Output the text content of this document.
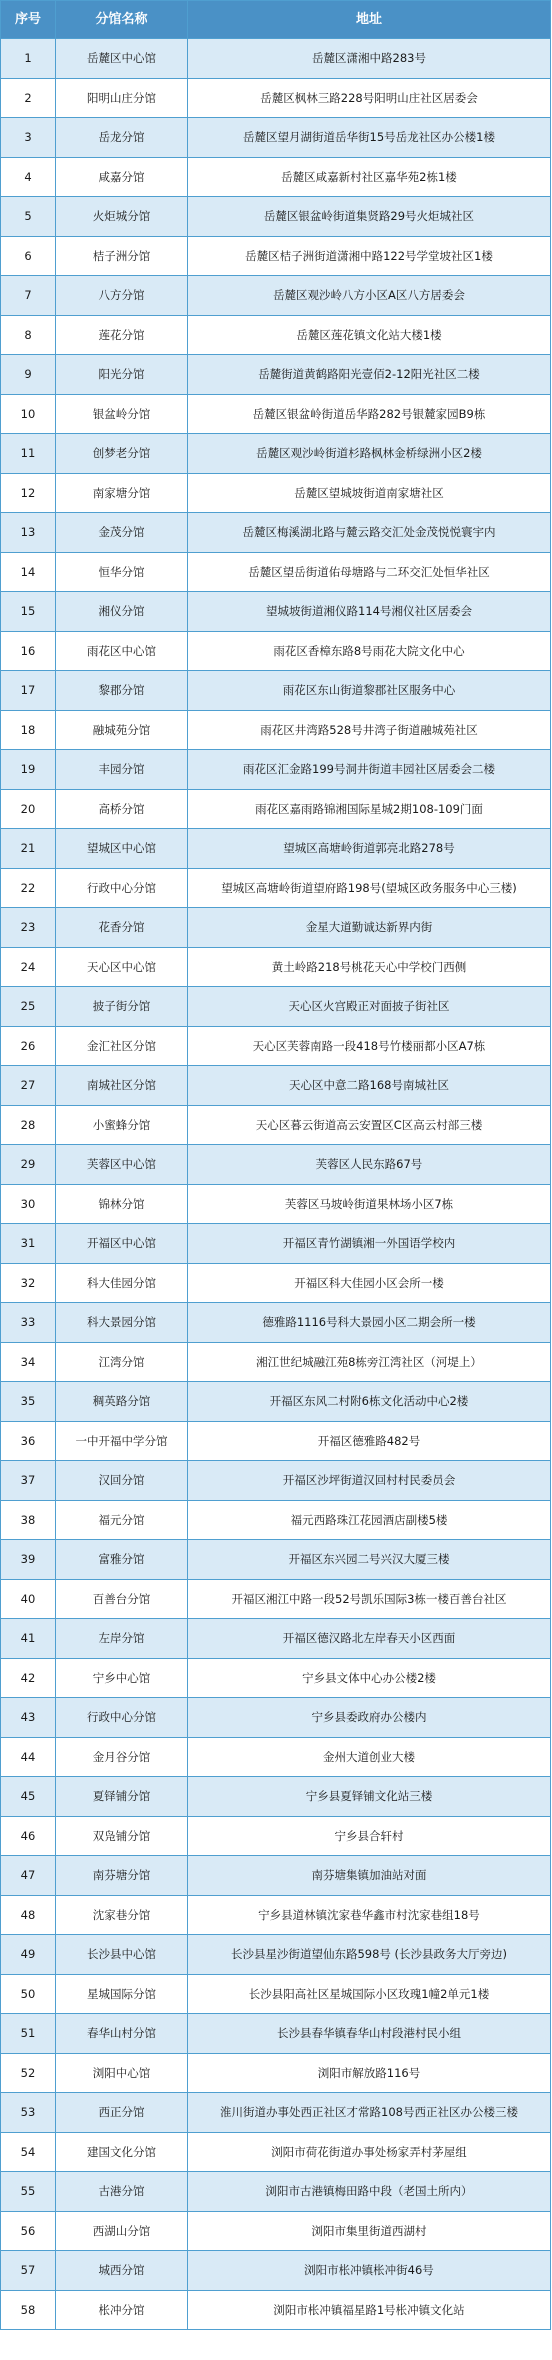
序号	分馆名称	地址
1	岳麓区中心馆	岳麓区潇湘中路283号
2	阳明山庄分馆	岳麓区枫林三路228号阳明山庄社区居委会
3	岳龙分馆	岳麓区望月湖街道岳华街15号岳龙社区办公楼1楼
4	咸嘉分馆	岳麓区咸嘉新村社区嘉华苑2栋1楼
5	火炬城分馆	岳麓区银盆岭街道集贤路29号火炬城社区
6	桔子洲分馆	岳麓区桔子洲街道潇湘中路122号学堂坡社区1楼
7	八方分馆	岳麓区观沙岭八方小区A区八方居委会
8	莲花分馆	岳麓区莲花镇文化站大楼1楼
9	阳光分馆	岳麓街道黄鹤路阳光壹佰2-12阳光社区二楼
10	银盆岭分馆	岳麓区银盆岭街道岳华路282号银麓家园B9栋
11	创梦老分馆	岳麓区观沙岭街道杉路枫林金桥绿洲小区2楼
12	南家塘分馆	岳麓区望城坡街道南家塘社区
13	金茂分馆	岳麓区梅溪湖北路与麓云路交汇处金茂悦悦寰宇内
14	恒华分馆	岳麓区望岳街道佑母塘路与二环交汇处恒华社区
15	湘仪分馆	望城坡街道湘仪路114号湘仪社区居委会
16	雨花区中心馆	雨花区香樟东路8号雨花大院文化中心
17	黎郡分馆	雨花区东山街道黎郡社区服务中心
18	融城苑分馆	雨花区井湾路528号井湾子街道融城苑社区
19	丰园分馆	雨花区汇金路199号洞井街道丰园社区居委会二楼
20	高桥分馆	雨花区嘉雨路锦湘国际星城2期108-109门面
21	望城区中心馆	望城区高塘岭街道郭亮北路278号
22	行政中心分馆	望城区高塘岭街道望府路198号(望城区政务服务中心三楼)
23	花香分馆	金星大道勤诚达新界内街
24	天心区中心馆	黄土岭路218号桃花天心中学校门西侧
25	披子街分馆	天心区火宫殿正对面披子街社区
26	金汇社区分馆	天心区芙蓉南路一段418号竹楼丽都小区A7栋
27	南城社区分馆	天心区中意二路168号南城社区
28	小蜜蜂分馆	天心区暮云街道高云安置区C区高云村部三楼
29	芙蓉区中心馆	芙蓉区人民东路67号
30	锦林分馆	芙蓉区马坡岭街道果林场小区7栋
31	开福区中心馆	开福区青竹湖镇湘一外国语学校内
32	科大佳园分馆	开福区科大佳园小区会所一楼
33	科大景园分馆	德雅路1116号科大景园小区二期会所一楼
34	江湾分馆	湘江世纪城融江苑8栋旁江湾社区（河堤上）
35	稠英路分馆	开福区东风二村附6栋文化活动中心2楼
36	一中开福中学分馆	开福区德雅路482号
37	汉回分馆	开福区沙坪街道汉回村村民委员会
38	福元分馆	福元西路珠江花园酒店副楼5楼
39	富雅分馆	开福区东兴园二号兴汉大厦三楼
40	百善台分馆	开福区湘江中路一段52号凯乐国际3栋一楼百善台社区
41	左岸分馆	开福区德汉路北左岸春天小区西面
42	宁乡中心馆	宁乡县文体中心办公楼2楼
43	行政中心分馆	宁乡县委政府办公楼内
44	金月谷分馆	金州大道创业大楼
45	夏铎铺分馆	宁乡县夏铎铺文化站三楼
46	双凫铺分馆	宁乡县合轩村
47	南芬塘分馆	南芬塘集镇加油站对面
48	沈家巷分馆	宁乡县道林镇沈家巷华鑫市村沈家巷组18号
49	长沙县中心馆	长沙县星沙街道望仙东路598号 (长沙县政务大厅旁边)
50	星城国际分馆	长沙县阳高社区星城国际小区玫瑰1幢2单元1楼
51	春华山村分馆	长沙县春华镇春华山村段港村民小组
52	浏阳中心馆	浏阳市解放路116号
53	西正分馆	淮川街道办事处西正社区才常路108号西正社区办公楼三楼
54	建国文化分馆	浏阳市荷花街道办事处杨家弄村茅屋组
55	古港分馆	浏阳市古港镇梅田路中段（老国土所内）
56	西湖山分馆	浏阳市集里街道西湖村
57	城西分馆	浏阳市枨冲镇枨冲街46号
58	枨冲分馆	浏阳市枨冲镇福星路1号枨冲镇文化站
